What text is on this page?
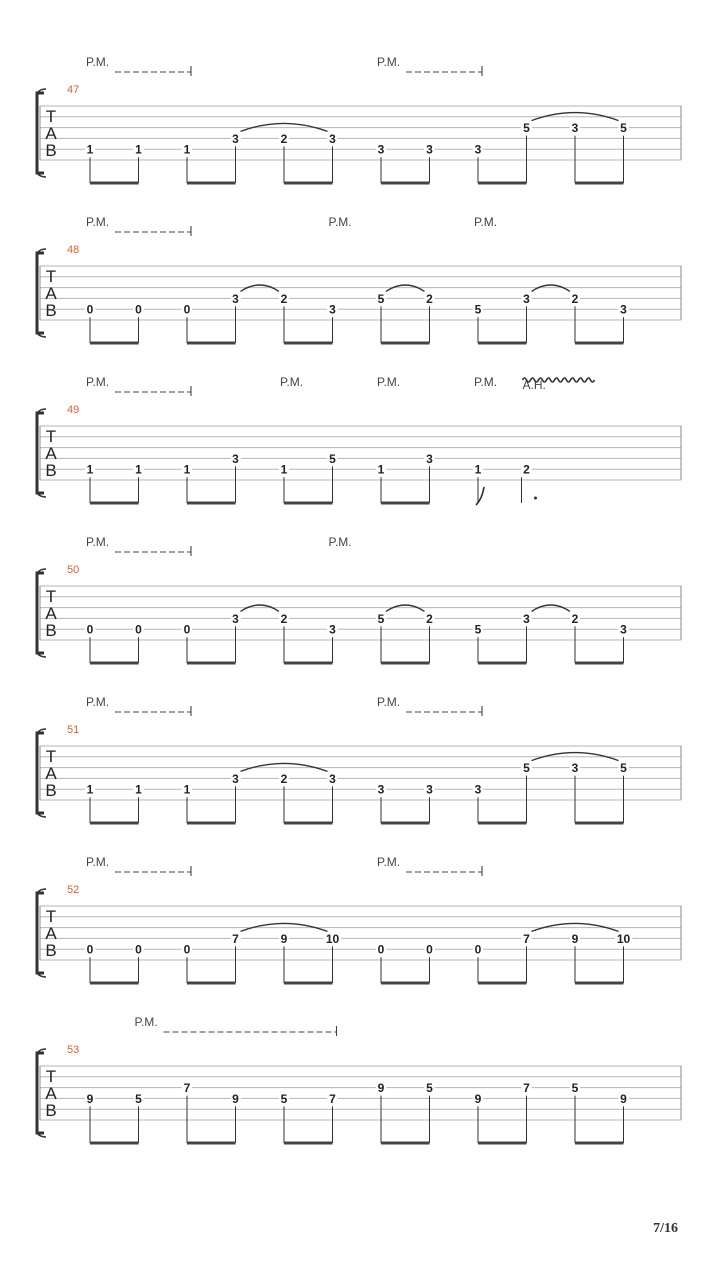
P.M.	P.M.
47
T
A
B 1	1	1
3	2	3
3	3	3
5	3	5
P.M.	P.M.	P.M.
48
T
A
B 0	0	0
3	2
3
5	2
5
3	2
3
P.M.	P.M.	P.M.	P.M.
49
T
A
B 1	1	1
3
1
5
1
3
1	2
A.H.
P.M.	P.M.
50
T
A
B 0	0	0
3	2
3
5	2
5
3	2
3
P.M.	P.M.
51
T
A
B 1	1	1
3	2	3
3	3	3
5	3	5
P.M.	P.M.
52
T
A
B 0	0	0
7	9	10
0	0	0
7	9	10
P.M.
53
T
A
B
9	5
7
9	5	7
9	5
9
7	5
9
7/16
